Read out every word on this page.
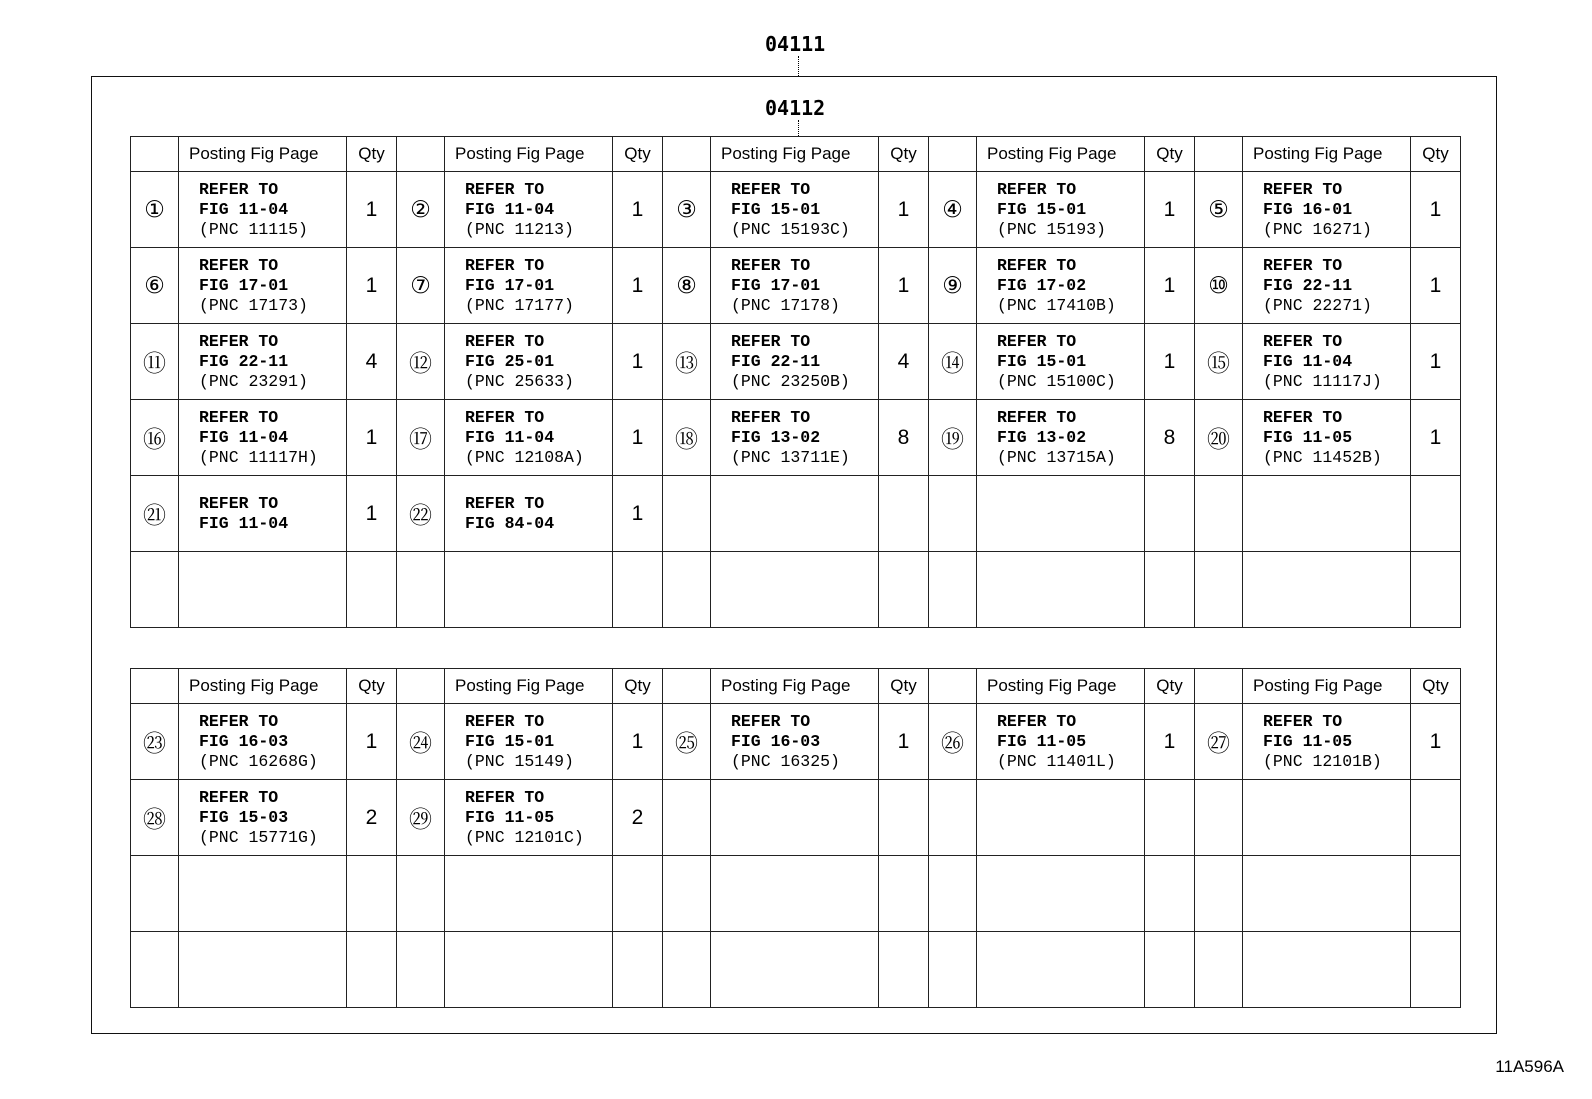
04111
04112
	Posting Fig Page	Qty		Posting Fig Page	Qty		Posting Fig Page	Qty		Posting Fig Page	Qty		Posting Fig Page	Qty
①	REFER TO
FIG 11-04
(PNC 11115)	1	②	REFER TO
FIG 11-04
(PNC 11213)	1	③	REFER TO
FIG 15-01
(PNC 15193C)	1	④	REFER TO
FIG 15-01
(PNC 15193)	1	⑤	REFER TO
FIG 16-01
(PNC 16271)	1
⑥	REFER TO
FIG 17-01
(PNC 17173)	1	⑦	REFER TO
FIG 17-01
(PNC 17177)	1	⑧	REFER TO
FIG 17-01
(PNC 17178)	1	⑨	REFER TO
FIG 17-02
(PNC 17410B)	1	⑩	REFER TO
FIG 22-11
(PNC 22271)	1
⑪	REFER TO
FIG 22-11
(PNC 23291)	4	⑫	REFER TO
FIG 25-01
(PNC 25633)	1	⑬	REFER TO
FIG 22-11
(PNC 23250B)	4	⑭	REFER TO
FIG 15-01
(PNC 15100C)	1	⑮	REFER TO
FIG 11-04
(PNC 11117J)	1
⑯	REFER TO
FIG 11-04
(PNC 11117H)	1	⑰	REFER TO
FIG 11-04
(PNC 12108A)	1	⑱	REFER TO
FIG 13-02
(PNC 13711E)	8	⑲	REFER TO
FIG 13-02
(PNC 13715A)	8	⑳	REFER TO
FIG 11-05
(PNC 11452B)	1
㉑	REFER TO
FIG 11-04	1	㉒	REFER TO
FIG 84-04	1		

	Posting Fig Page	Qty		Posting Fig Page	Qty		Posting Fig Page	Qty		Posting Fig Page	Qty		Posting Fig Page	Qty
㉓	REFER TO
FIG 16-03
(PNC 16268G)	1	㉔	REFER TO
FIG 15-01
(PNC 15149)	1	㉕	REFER TO
FIG 16-03
(PNC 16325)	1	㉖	REFER TO
FIG 11-05
(PNC 11401L)	1	㉗	REFER TO
FIG 11-05
(PNC 12101B)	1
㉘	REFER TO
FIG 15-03
(PNC 15771G)	2	㉙	REFER TO
FIG 11-05
(PNC 12101C)	2		

11A596A
